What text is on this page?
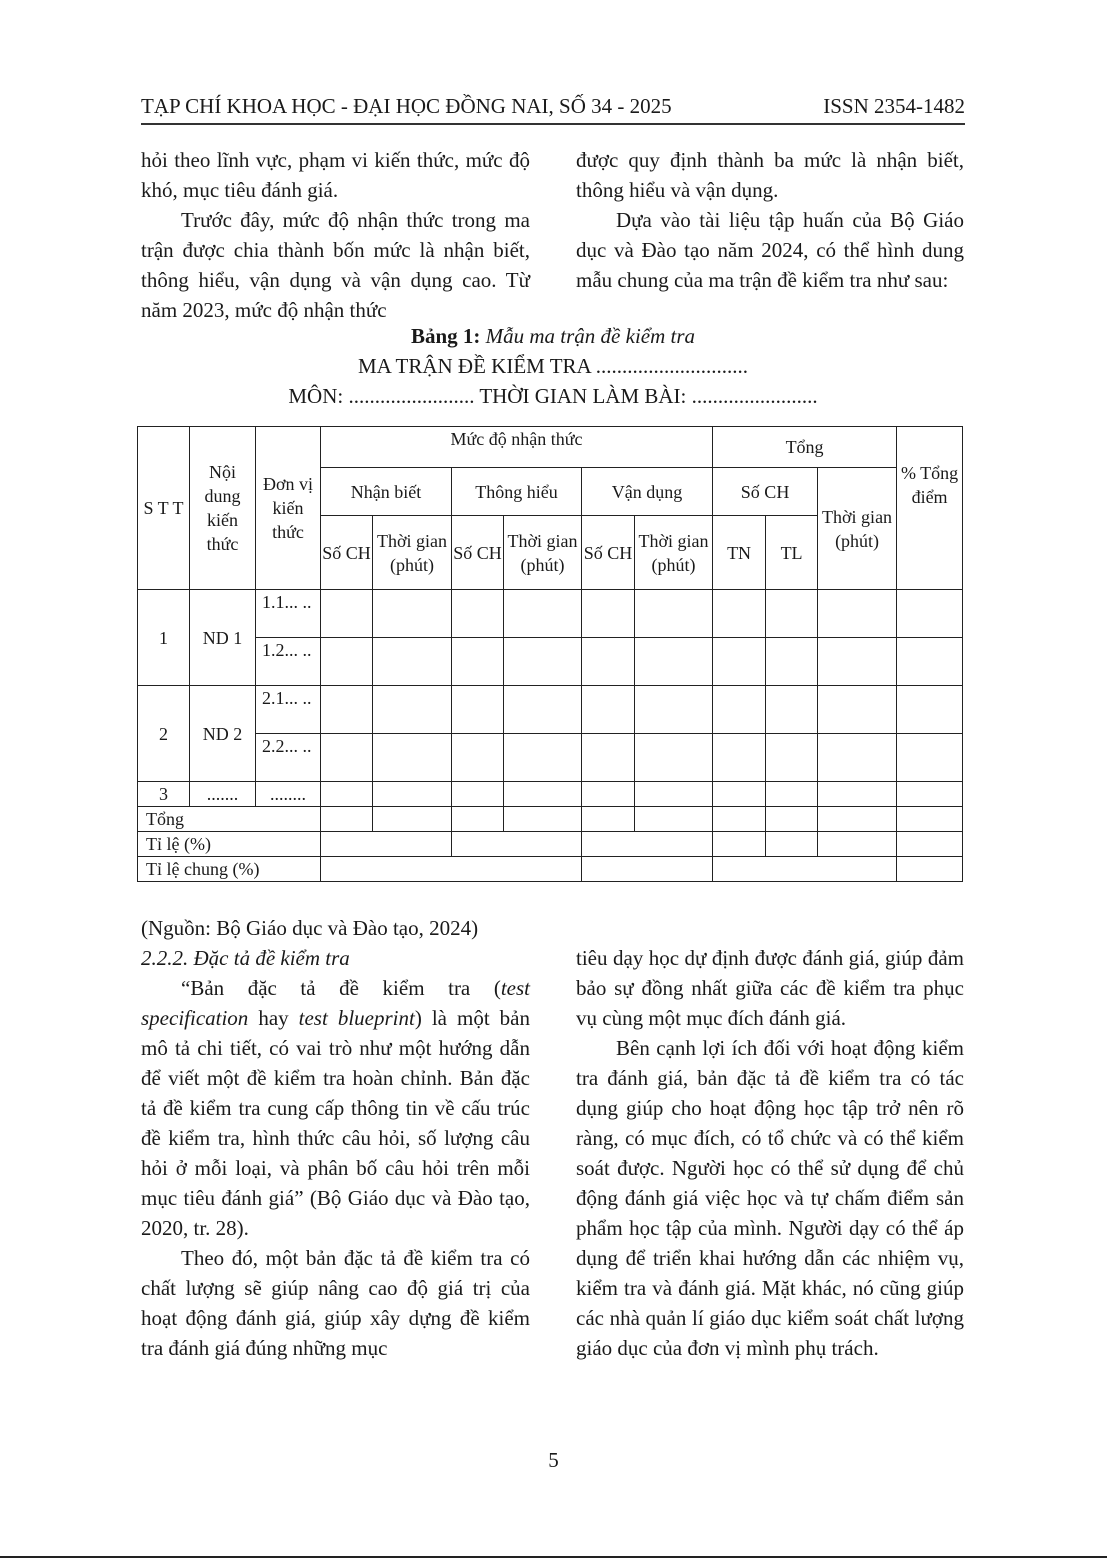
TẠP CHÍ KHOA HỌC - ĐẠI HỌC ĐỒNG NAI, SỐ 34 - 2025	ISSN 2354-1482

hỏi theo lĩnh vực, phạm vi kiến thức, mức độ khó, mục tiêu đánh giá.

Trước đây, mức độ nhận thức trong ma trận được chia thành bốn mức là nhận biết, thông hiểu, vận dụng và vận dụng cao. Từ năm 2023, mức độ nhận thức

được quy định thành ba mức là nhận biết, thông hiểu và vận dụng.

Dựa vào tài liệu tập huấn của Bộ Giáo dục và Đào tạo năm 2024, có thể hình dung mẫu chung của ma trận đề kiểm tra như sau:

Bảng 1: Mẫu ma trận đề kiểm tra
MA TRẬN ĐỀ KIỂM TRA .............................
MÔN: ........................ THỜI GIAN LÀM BÀI: ........................
S T T	Nội dung kiến thức	Đơn vị kiến thức	Mức độ nhận thức						Tổng			% Tổng điểm
			Nhận biết		Thông hiểu		Vận dụng		Số CH		Thời gian (phút)	
			Số CH	Thời gian (phút)	Số CH	Thời gian (phút)	Số CH	Thời gian (phút)	TN	TL		
1	ND 1	1.1... ..										
		1.2... ..										
2	ND 2	2.1... ..										
		2.2... ..										
3	.......	........										
Tổng												
Tỉ lệ (%)												
Tỉ lệ chung (%)												

(Nguồn: Bộ Giáo dục và Đào tạo, 2024)

2.2.2. Đặc tả đề kiểm tra

“Bản đặc tả đề kiểm tra (test specification hay test blueprint) là một bản mô tả chi tiết, có vai trò như một hướng dẫn để viết một đề kiểm tra hoàn chỉnh. Bản đặc tả đề kiểm tra cung cấp thông tin về cấu trúc đề kiểm tra, hình thức câu hỏi, số lượng câu hỏi ở mỗi loại, và phân bố câu hỏi trên mỗi mục tiêu đánh giá” (Bộ Giáo dục và Đào tạo, 2020, tr. 28).

Theo đó, một bản đặc tả đề kiểm tra có chất lượng sẽ giúp nâng cao độ giá trị của hoạt động đánh giá, giúp xây dựng đề kiểm tra đánh giá đúng những mục

tiêu dạy học dự định được đánh giá, giúp đảm bảo sự đồng nhất giữa các đề kiểm tra phục vụ cùng một mục đích đánh giá.

Bên cạnh lợi ích đối với hoạt động kiểm tra đánh giá, bản đặc tả đề kiểm tra có tác dụng giúp cho hoạt động học tập trở nên rõ ràng, có mục đích, có tổ chức và có thể kiểm soát được. Người học có thể sử dụng để chủ động đánh giá việc học và tự chấm điểm sản phẩm học tập của mình. Người dạy có thể áp dụng để triển khai hướng dẫn các nhiệm vụ, kiểm tra và đánh giá. Mặt khác, nó cũng giúp các nhà quản lí giáo dục kiểm soát chất lượng giáo dục của đơn vị mình phụ trách.

5
